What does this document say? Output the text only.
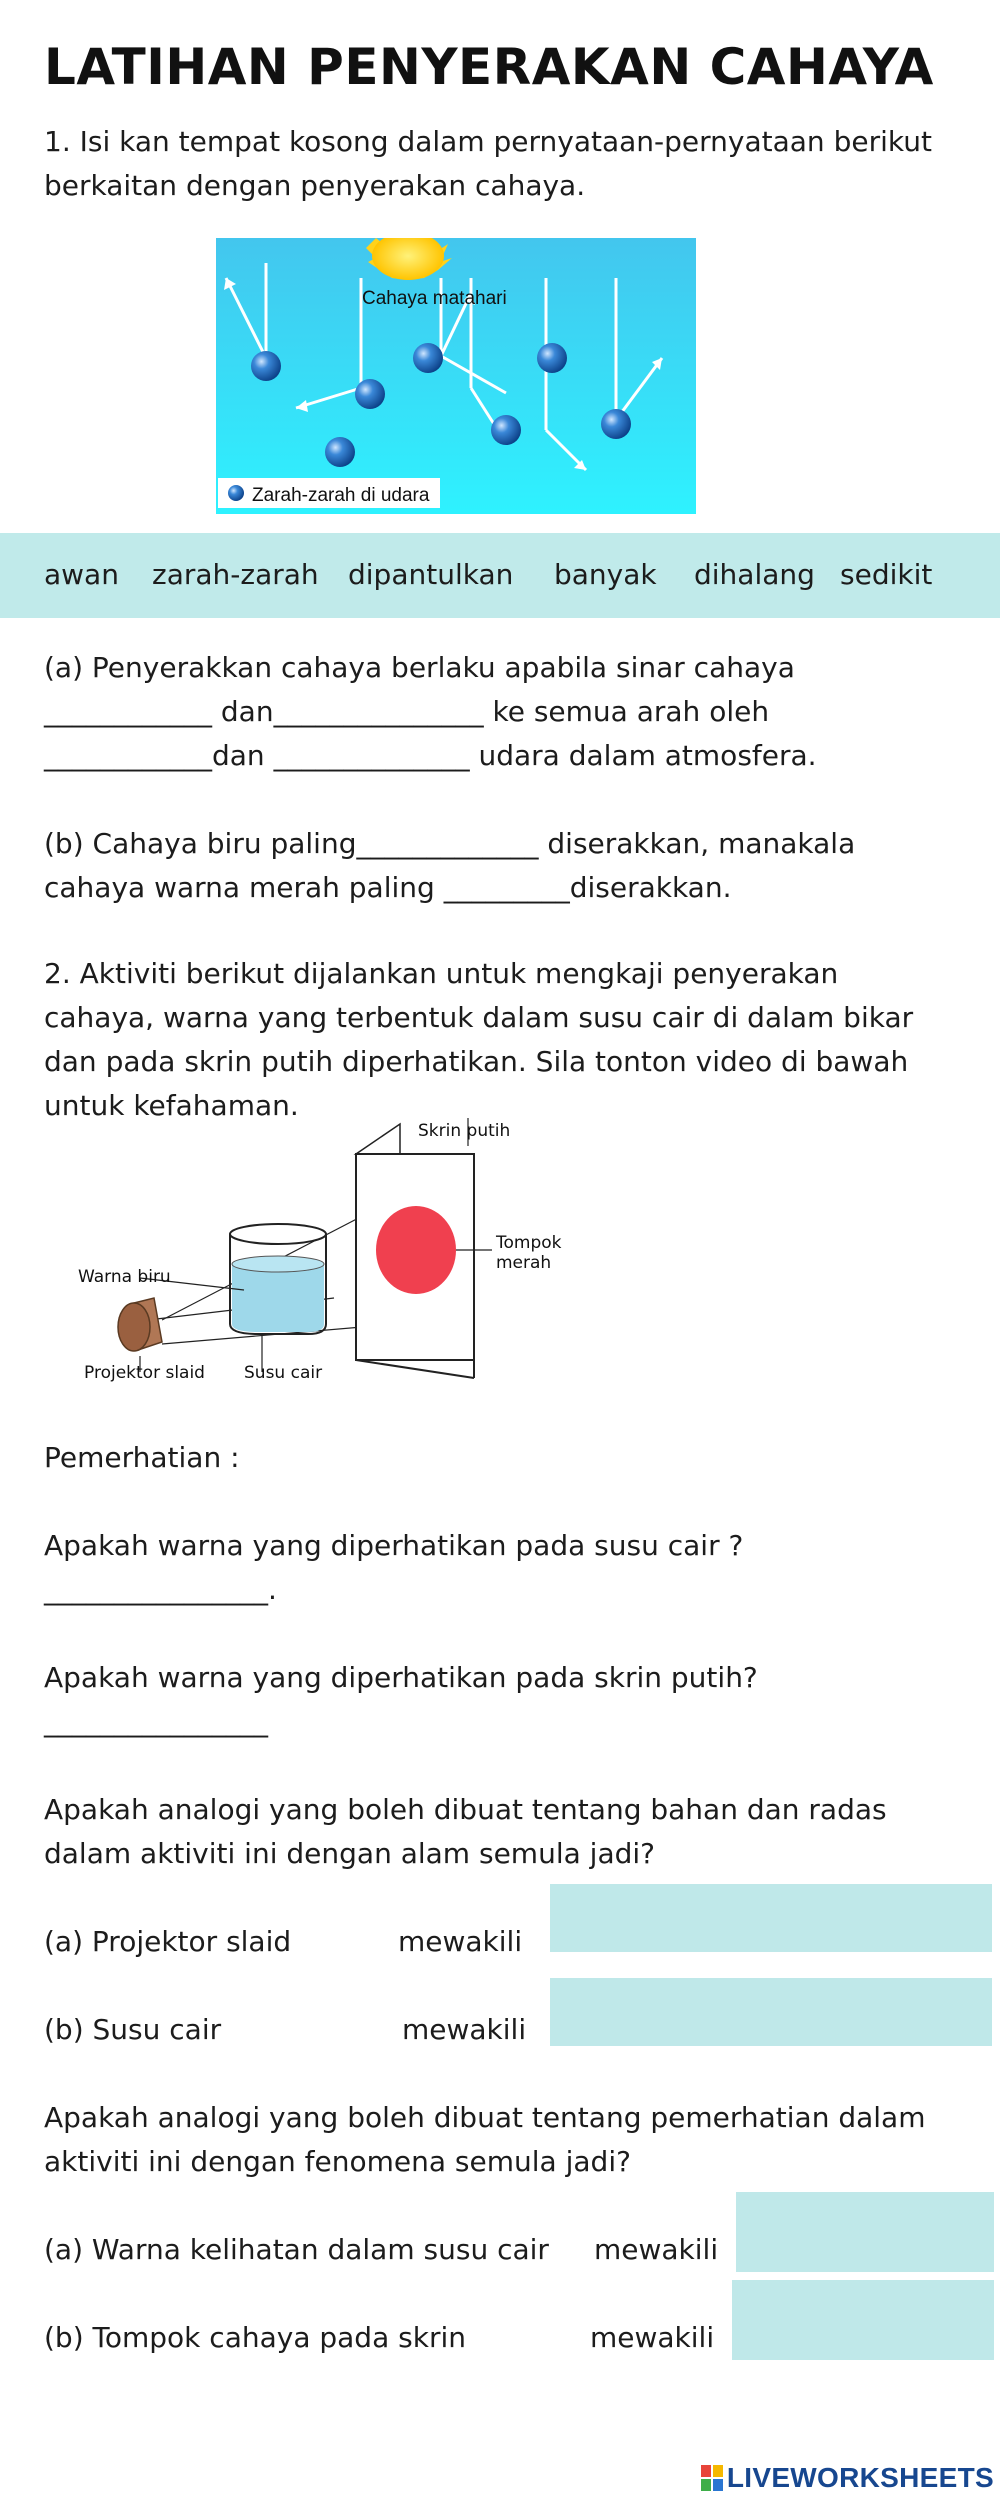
LATIHAN PENYERAKAN CAHAYA
1. Isi kan tempat kosong dalam pernyataan-pernyataan berikut
berkaitan dengan penyerakan cahaya.
Zarah-zarah di udara
Cahaya matahari
awan zarah-zarah dipantulkan banyak dihalang sedikit
(a) Penyerakkan cahaya berlaku apabila sinar cahaya
____________ dan_______________ ke semua arah oleh
____________dan ______________ udara dalam atmosfera.
(b) Cahaya biru paling_____________ diserakkan, manakala
cahaya warna merah paling _________diserakkan.
2. Aktiviti berikut dijalankan untuk mengkaji penyerakan
cahaya, warna yang terbentuk dalam susu cair di dalam bikar
dan pada skrin putih diperhatikan. Sila tonton video di bawah
untuk kefahaman.
Skrin putih
Tompok
merah
Warna biru
Projektor slaid Susu cair
Pemerhatian :
Apakah warna yang diperhatikan pada susu cair ?
________________.
Apakah warna yang diperhatikan pada skrin putih?
________________
Apakah analogi yang boleh dibuat tentang bahan dan radas
dalam aktiviti ini dengan alam semula jadi?
(a) Projektor slaid	mewakili
(b) Susu cair	mewakili
Apakah analogi yang boleh dibuat tentang pemerhatian dalam
aktiviti ini dengan fenomena semula jadi?
(a) Warna kelihatan dalam susu cair mewakili
(b) Tompok cahaya pada skrin	mewakili
LIVEWORKSHEETS
